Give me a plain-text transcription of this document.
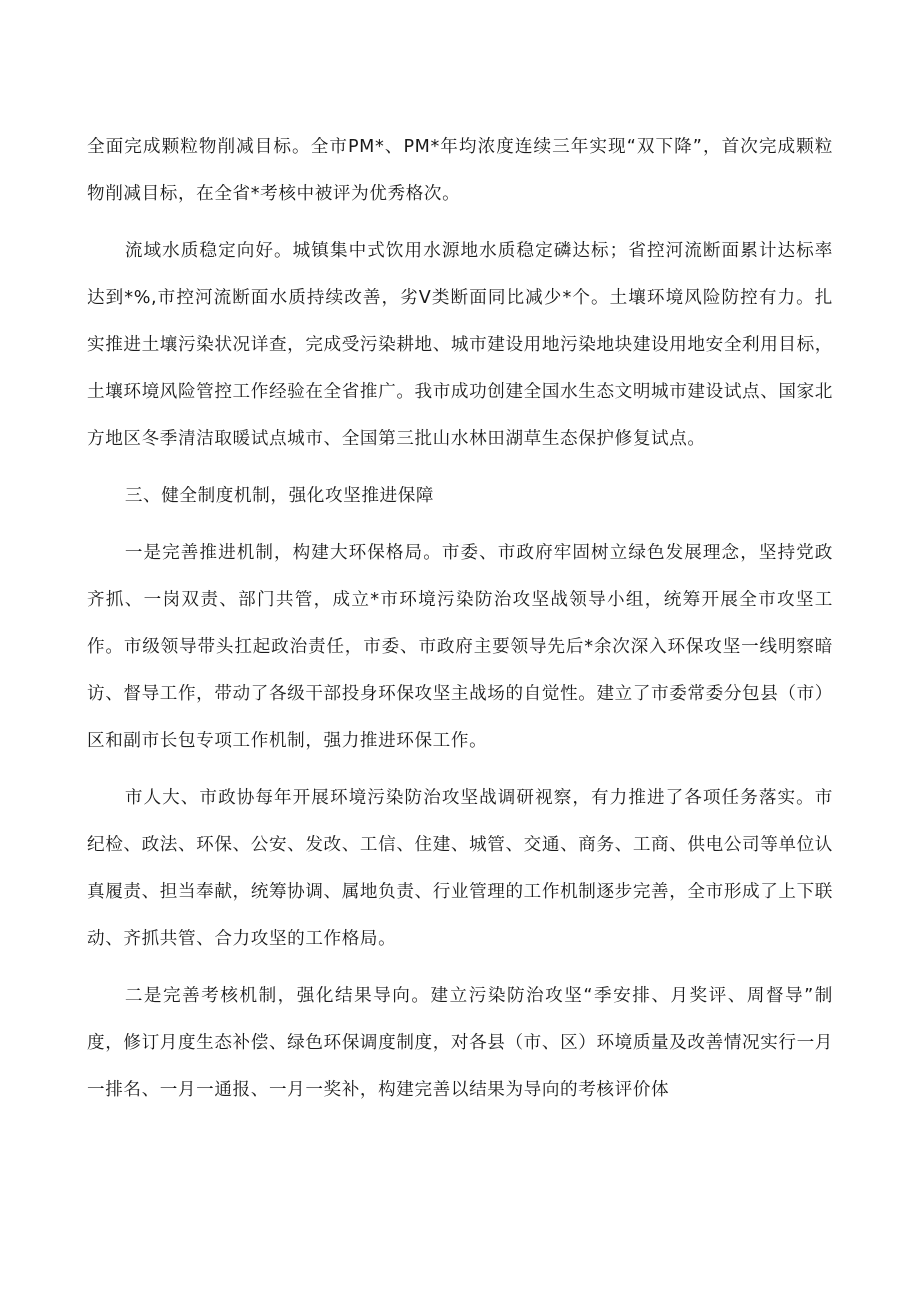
全面完成颗粒物削减目标。全市PM*、PM*年均浓度连续三年实现“双下降”，首次完成颗粒物削减目标，在全省*考核中被评为优秀格次。

流域水质稳定向好。城镇集中式饮用水源地水质稳定磷达标；省控河流断面累计达标率达到*%,市控河流断面水质持续改善，劣V类断面同比减少*个。土壤环境风险防控有力。扎实推进土壤污染状况详查，完成受污染耕地、城市建设用地污染地块建设用地安全利用目标，土壤环境风险管控工作经验在全省推广。我市成功创建全国水生态文明城市建设试点、国家北方地区冬季清洁取暖试点城市、全国第三批山水林田湖草生态保护修复试点。

三、健全制度机制，强化攻坚推进保障

一是完善推进机制，构建大环保格局。市委、市政府牢固树立绿色发展理念，坚持党政齐抓、一岗双责、部门共管，成立*市环境污染防治攻坚战领导小组，统筹开展全市攻坚工作。市级领导带头扛起政治责任，市委、市政府主要领导先后*余次深入环保攻坚一线明察暗访、督导工作，带动了各级干部投身环保攻坚主战场的自觉性。建立了市委常委分包县（市）区和副市长包专项工作机制，强力推进环保工作。

市人大、市政协每年开展环境污染防治攻坚战调研视察，有力推进了各项任务落实。市纪检、政法、环保、公安、发改、工信、住建、城管、交通、商务、工商、供电公司等单位认真履责、担当奉献，统筹协调、属地负责、行业管理的工作机制逐步完善，全市形成了上下联动、齐抓共管、合力攻坚的工作格局。

二是完善考核机制，强化结果导向。建立污染防治攻坚“季安排、月奖评、周督导”制度，修订月度生态补偿、绿色环保调度制度，对各县（市、区）环境质量及改善情况实行一月一排名、一月一通报、一月一奖补，构建完善以结果为导向的考核评价体
